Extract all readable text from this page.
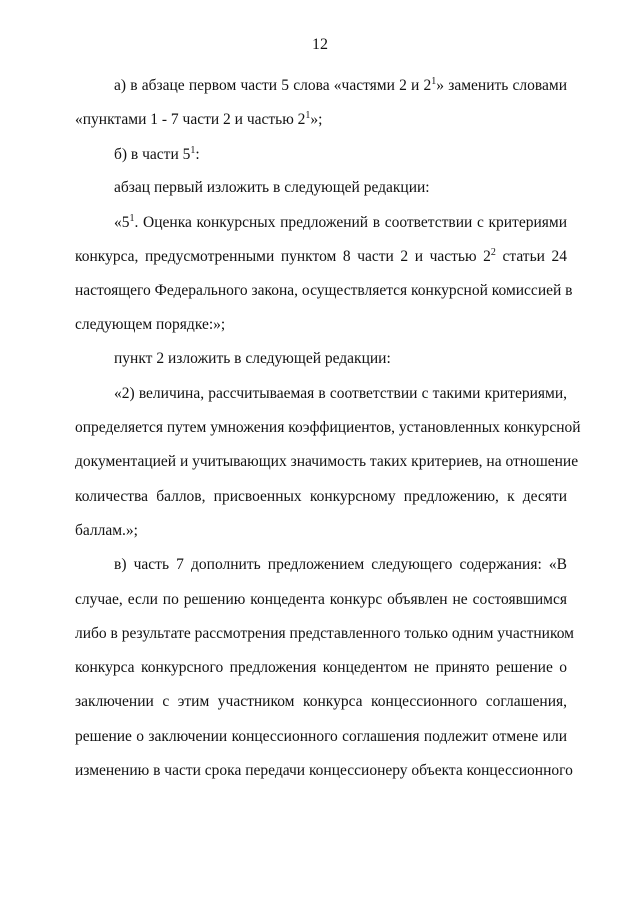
12
а) в абзаце первом части 5 слова «частями 2 и $2^1$» заменить словами
«пунктами 1 - 7 части 2 и частью $2^1$»;
б) в части $5^1$:
абзац первый изложить в следующей редакции:
«$5^1$. Оценка конкурсных предложений в соответствии с критериями
конкурса, предусмотренными пунктом 8 части 2 и частью $2^2$ статьи 24
настоящего Федерального закона, осуществляется конкурсной комиссией в
следующем порядке:»;
пункт 2 изложить в следующей редакции:
«2) величина, рассчитываемая в соответствии с такими критериями,
определяется путем умножения коэффициентов, установленных конкурсной
документацией и учитывающих значимость таких критериев, на отношение
количества баллов, присвоенных конкурсному предложению, к десяти
баллам.»;
в) часть 7 дополнить предложением следующего содержания: «В
случае, если по решению концедента конкурс объявлен не состоявшимся
либо в результате рассмотрения представленного только одним участником
конкурса конкурсного предложения концедентом не принято решение о
заключении с этим участником конкурса концессионного соглашения,
решение о заключении концессионного соглашения подлежит отмене или
изменению в части срока передачи концессионеру объекта концессионного
